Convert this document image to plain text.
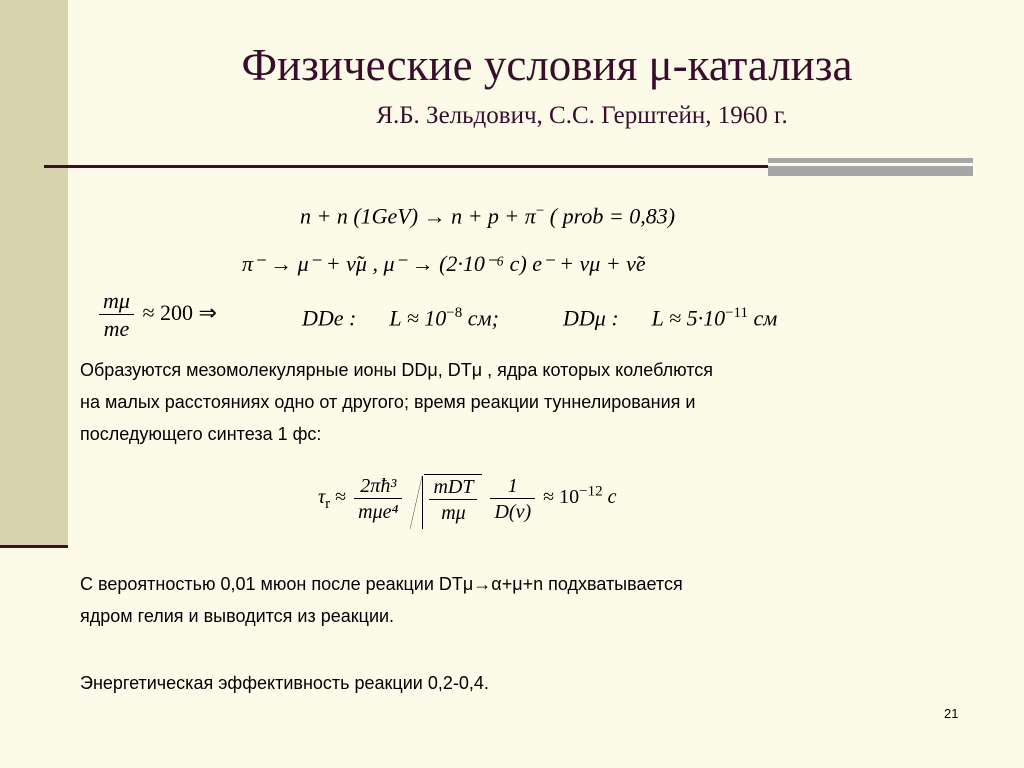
Физические условия μ-катализа
Я.Б. Зельдович, С.С. Герштейн, 1960 г.
n + n (1GeV) → n + p + π− ( prob = 0,83)
π⁻ → μ⁻ + ν̃μ , μ⁻ → (2·10⁻⁶ c) e⁻ + νμ + ν̃e
$\frac{m\mu}{me} \approx 200$ ⇒	DDe : $L \approx 10^{-8}$ см;	DDμ : $L \approx 5\cdot 10^{-11}$ см
Образуются мезомолекулярные ионы DDμ, DTμ , ядра которых колеблются
на малых расстояниях одно от другого; время реакции туннелирования и
последующего синтеза 1 фс:
$\tau_r \approx \frac{\text{2πħ³}}{\text{mμe⁴}}$
$\frac{\text{mDT}}{m\mu}$
$\frac{1}{D(v)} \approx 10^{-12}$ c
С вероятностью 0,01 мюон после реакции DTμ→α+μ+n подхватывается
ядром гелия и выводится из реакции.
Энергетическая эффективность реакции 0,2-0,4.
21
